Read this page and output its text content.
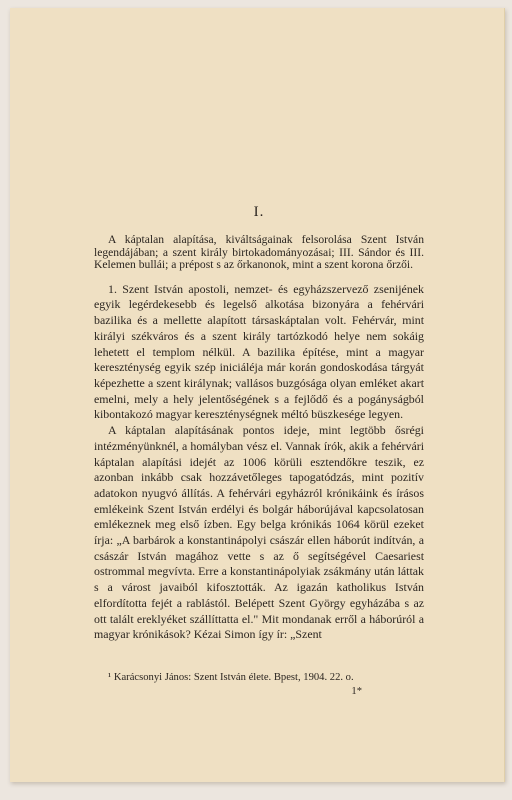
I.

A káptalan alapítása, kiváltságainak felsorolása Szent István legendájában; a szent király birtokadományozásai; III. Sándor és III. Kelemen bullái; a prépost s az őrkanonok, mint a szent korona őrzői.

1. Szent István apostoli, nemzet- és egyházszervező zsenijének egyik legérdekesebb és legelső alkotása bizonyára a fehérvári bazilika és a mellette alapított társaskáptalan volt. Fehérvár, mint királyi székváros és a szent király tartózkodó helye nem sokáig lehetett el templom nélkül. A bazilika építése, mint a magyar kereszténység egyik szép iniciáléja már korán gondoskodása tárgyát képezhette a szent királynak; vallásos buzgósága olyan emléket akart emelni, mely a hely jelentőségének s a fejlődő és a pogányságból kibontakozó magyar kereszténységnek méltó büszkesége legyen.

A káptalan alapításának pontos ideje, mint legtöbb ősrégi intézményünknél, a homályban vész el. Vannak írók, akik a fehérvári káptalan alapítási idejét az 1006 körüli esztendőkre teszik, ez azonban inkább csak hozzávetőleges tapogatódzás, mint pozitív adatokon nyugvó állítás. A fehérvári egyházról krónikáink és írásos emlékeink Szent István erdélyi és bolgár háborújával kapcsolatosan emlékeznek meg első ízben. Egy belga krónikás 1064 körül ezeket írja: „A barbárok a konstantinápolyi császár ellen háborút indítván, a császár István magához vette s az ő segítségével Caesariest ostrommal megvívta. Erre a konstantinápolyiak zsákmány után láttak s a várost javaiból kifosztották. Az igazán katholikus István elfordította fejét a rablástól. Belépett Szent György egyházába s az ott talált ereklyéket szállíttatta el." Mit mondanak erről a háborúról a magyar krónikások? Kézai Simon így ír: „Szent

¹ Karácsonyi János: Szent István élete. Bpest, 1904. 22. o.

1*
